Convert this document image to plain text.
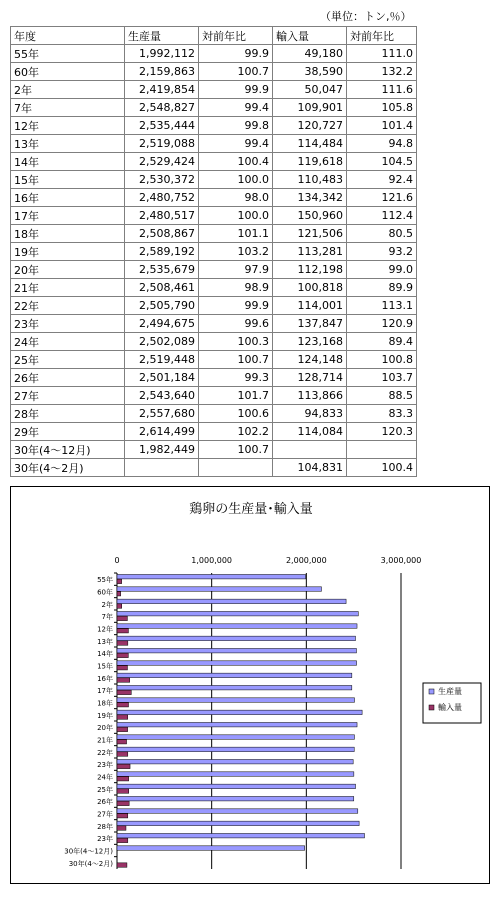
（単位：トン,％）
年度	生産量	対前年比	輸入量	対前年比
55年	1,992,112	99.9	49,180	111.0
60年	2,159,863	100.7	38,590	132.2
2年	2,419,854	99.9	50,047	111.6
7年	2,548,827	99.4	109,901	105.8
12年	2,535,444	99.8	120,727	101.4
13年	2,519,088	99.4	114,484	94.8
14年	2,529,424	100.4	119,618	104.5
15年	2,530,372	100.0	110,483	92.4
16年	2,480,752	98.0	134,342	121.6
17年	2,480,517	100.0	150,960	112.4
18年	2,508,867	101.1	121,506	80.5
19年	2,589,192	103.2	113,281	93.2
20年	2,535,679	97.9	112,198	99.0
21年	2,508,461	98.9	100,818	89.9
22年	2,505,790	99.9	114,001	113.1
23年	2,494,675	99.6	137,847	120.9
24年	2,502,089	100.3	123,168	89.4
25年	2,519,448	100.7	124,148	100.8
26年	2,501,184	99.3	128,714	103.7
27年	2,543,640	101.7	113,866	88.5
28年	2,557,680	100.6	94,833	83.3
29年	2,614,499	102.2	114,084	120.3
30年(4～12月)	1,982,449	100.7		
30年(4～2月)			104,831	100.4
鶏卵の生産量･輸入量
0	1,000,000	2,000,000	3,000,000
55年
60年
2年
7年
12年
13年
14年
15年
16年
17年
18年
19年
20年
21年
22年
23年
24年
25年
26年
27年
28年
23年
30年(4～12月)
30年(4～2月)
生産量
輸入量
